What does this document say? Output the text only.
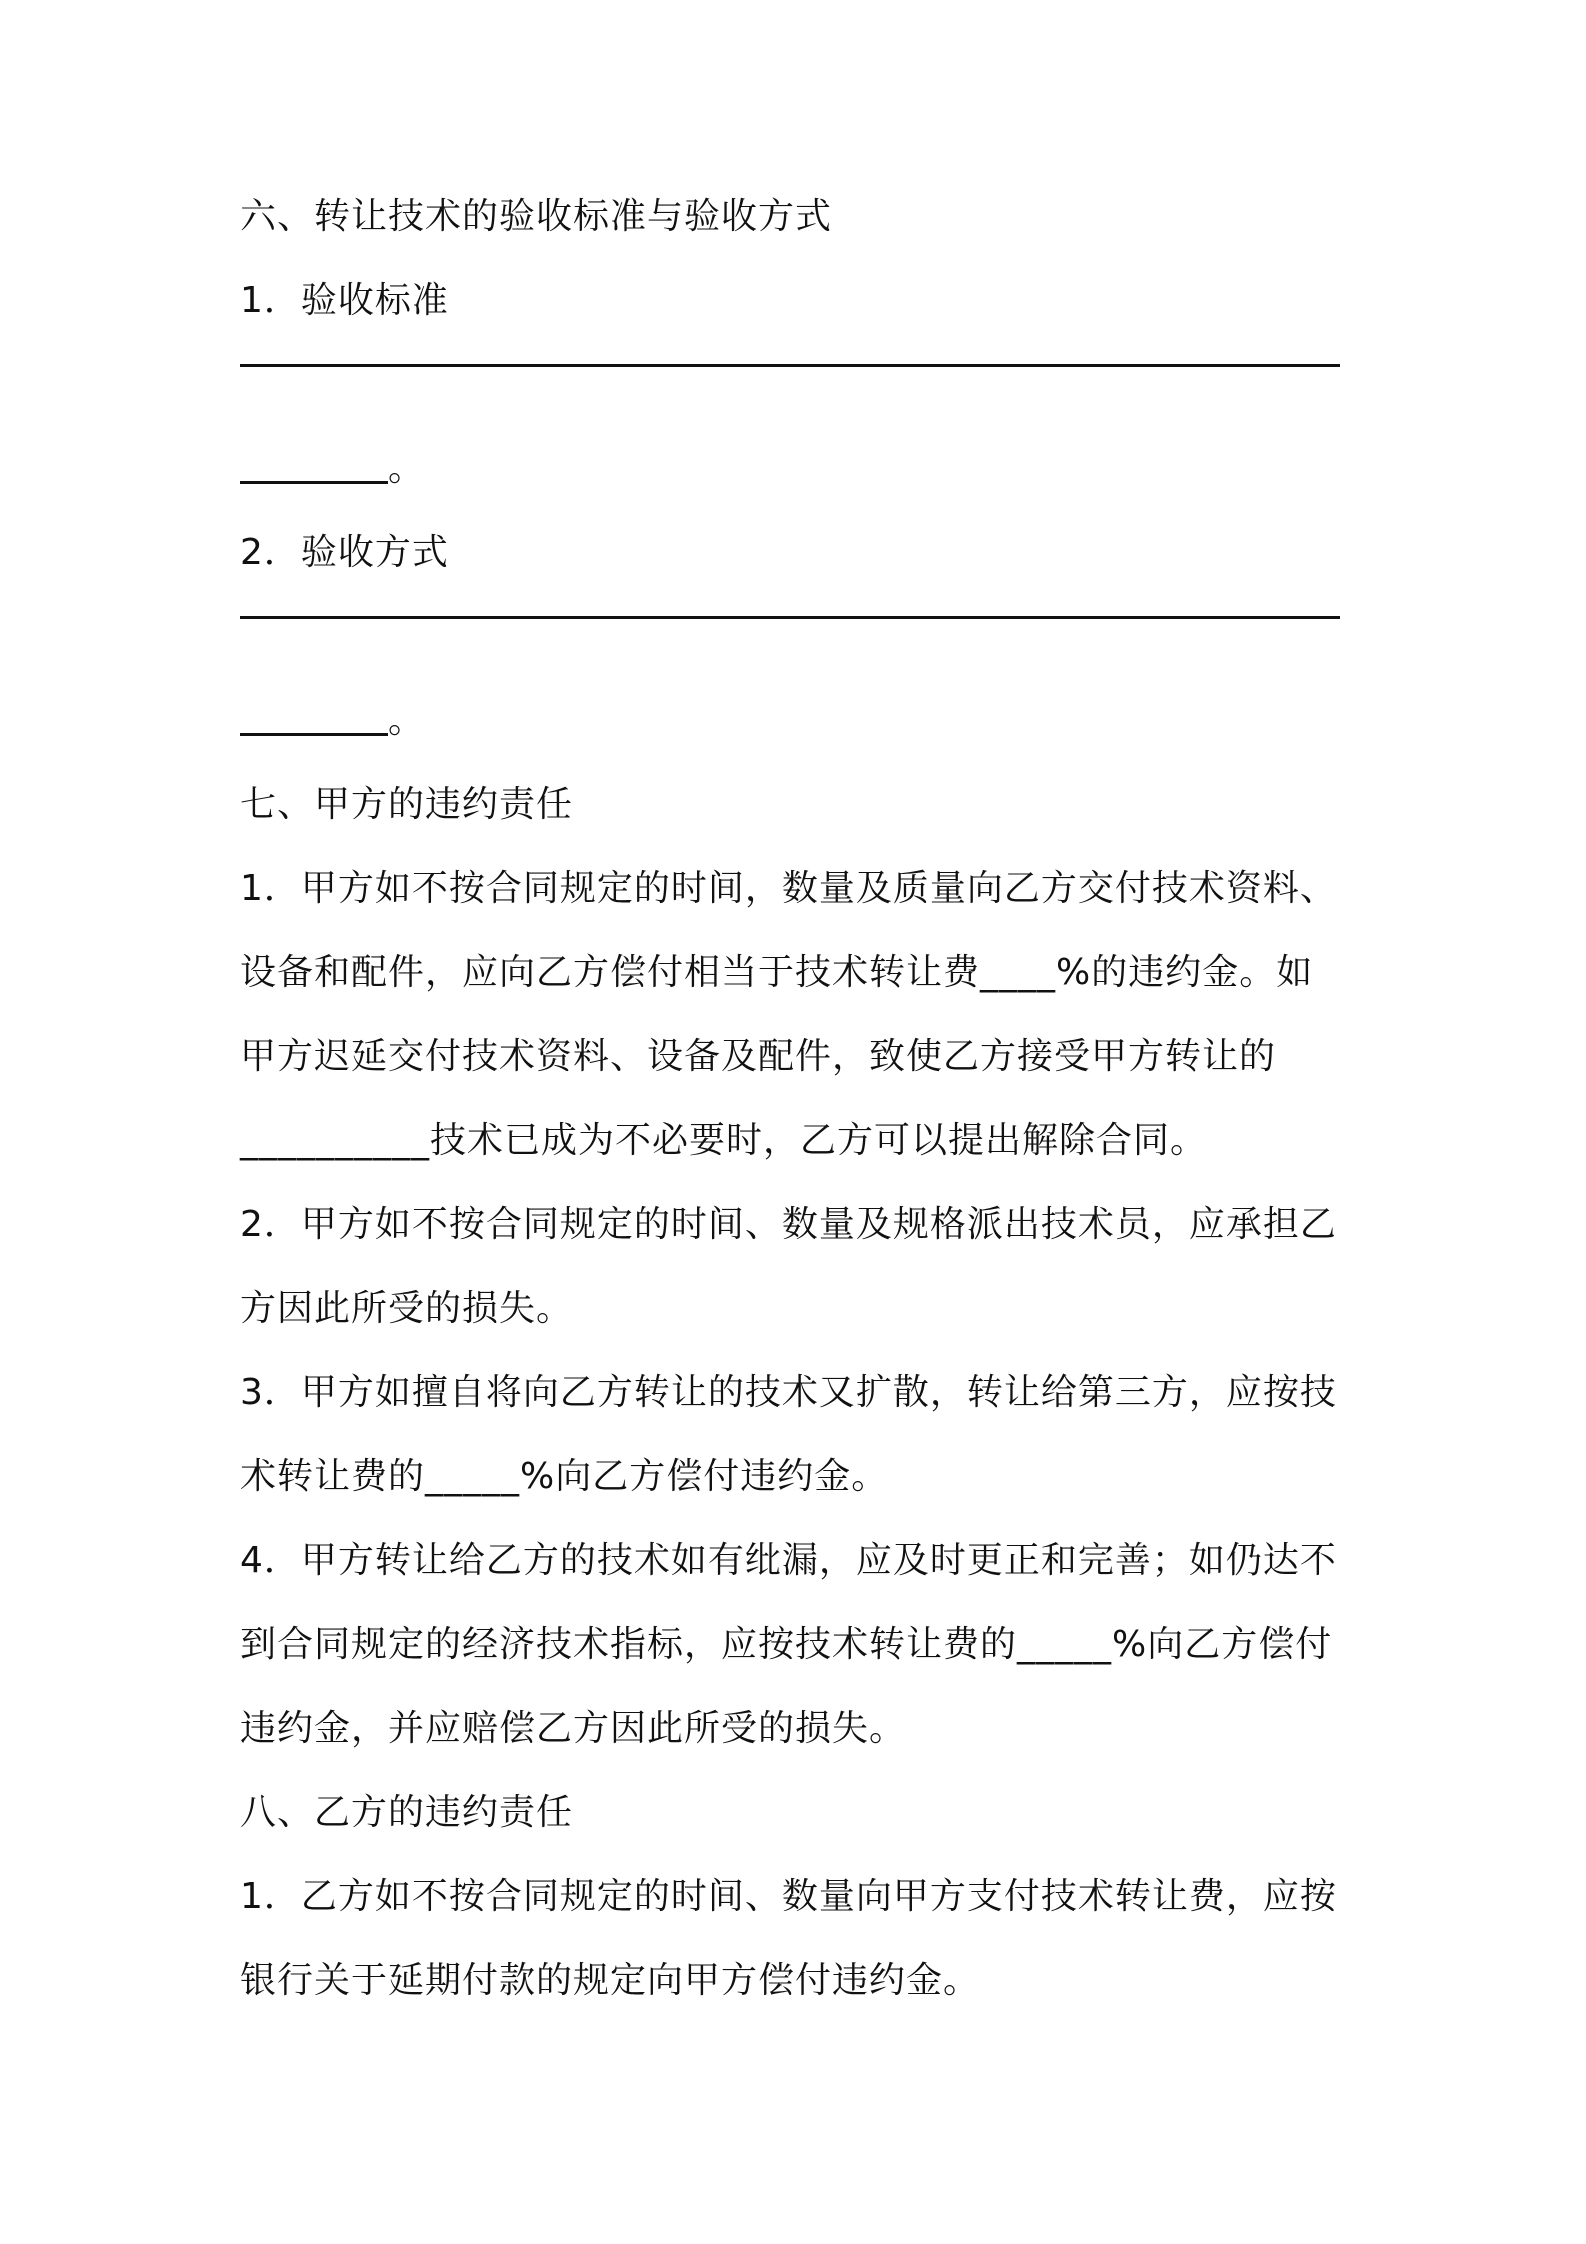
六、转让技术的验收标准与验收方式
1．验收标准
。
2．验收方式
。
七、甲方的违约责任
1．甲方如不按合同规定的时间，数量及质量向乙方交付技术资料、
设备和配件，应向乙方偿付相当于技术转让费____%的违约金。如
甲方迟延交付技术资料、设备及配件，致使乙方接受甲方转让的
__________技术已成为不必要时，乙方可以提出解除合同。
2．甲方如不按合同规定的时间、数量及规格派出技术员，应承担乙
方因此所受的损失。
3．甲方如擅自将向乙方转让的技术又扩散，转让给第三方，应按技
术转让费的_____%向乙方偿付违约金。
4．甲方转让给乙方的技术如有纰漏，应及时更正和完善；如仍达不
到合同规定的经济技术指标，应按技术转让费的_____%向乙方偿付
违约金，并应赔偿乙方因此所受的损失。
八、乙方的违约责任
1．乙方如不按合同规定的时间、数量向甲方支付技术转让费，应按
银行关于延期付款的规定向甲方偿付违约金。
